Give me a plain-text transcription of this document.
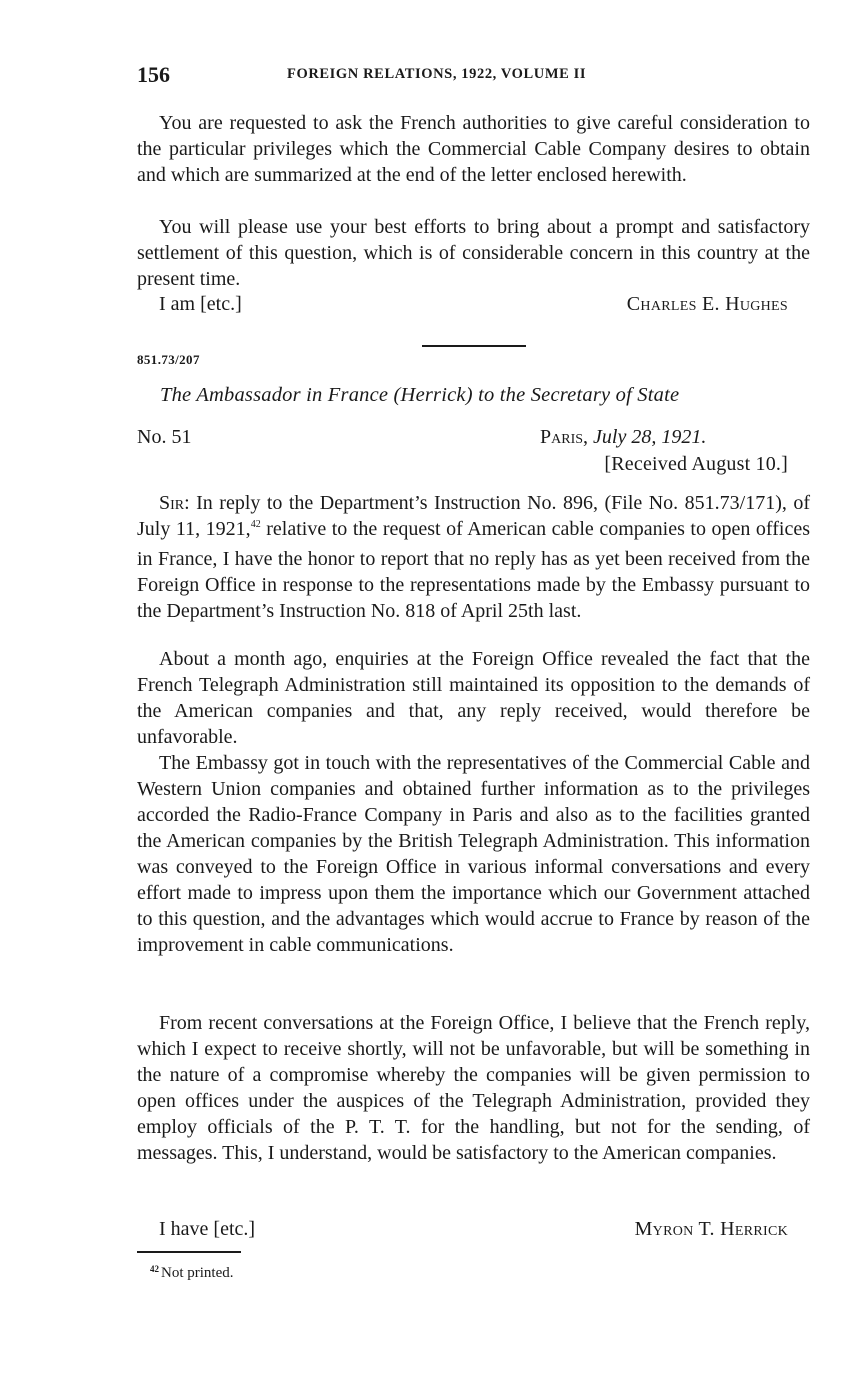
156	FOREIGN RELATIONS, 1922, VOLUME II

You are requested to ask the French authorities to give careful consideration to the particular privileges which the Commercial Cable Company desires to obtain and which are summarized at the end of the letter enclosed herewith.

You will please use your best efforts to bring about a prompt and satisfactory settlement of this question, which is of considerable concern in this country at the present time.

I am [etc.]	Charles E. Hughes
851.73/207
The Ambassador in France (Herrick) to the Secretary of State
No. 51	Paris, July 28, 1921.
[Received August 10.]

Sir: In reply to the Department’s Instruction No. 896, (File No. 851.73/171), of July 11, 1921,42 relative to the request of American cable companies to open offices in France, I have the honor to report that no reply has as yet been received from the Foreign Office in response to the representations made by the Embassy pursuant to the Department’s Instruction No. 818 of April 25th last.

About a month ago, enquiries at the Foreign Office revealed the fact that the French Telegraph Administration still maintained its opposition to the demands of the American companies and that, any reply received, would therefore be unfavorable.

The Embassy got in touch with the representatives of the Commercial Cable and Western Union companies and obtained further information as to the privileges accorded the Radio-France Company in Paris and also as to the facilities granted the American companies by the British Telegraph Administration. This information was conveyed to the Foreign Office in various informal conversations and every effort made to impress upon them the importance which our Government attached to this question, and the advantages which would accrue to France by reason of the improvement in cable communications.

From recent conversations at the Foreign Office, I believe that the French reply, which I expect to receive shortly, will not be unfavorable, but will be something in the nature of a compromise whereby the companies will be given permission to open offices under the auspices of the Telegraph Administration, provided they employ officials of the P. T. T. for the handling, but not for the sending, of messages. This, I understand, would be satisfactory to the American companies.

I have [etc.]	Myron T. Herrick
$^{42}$ Not printed.
